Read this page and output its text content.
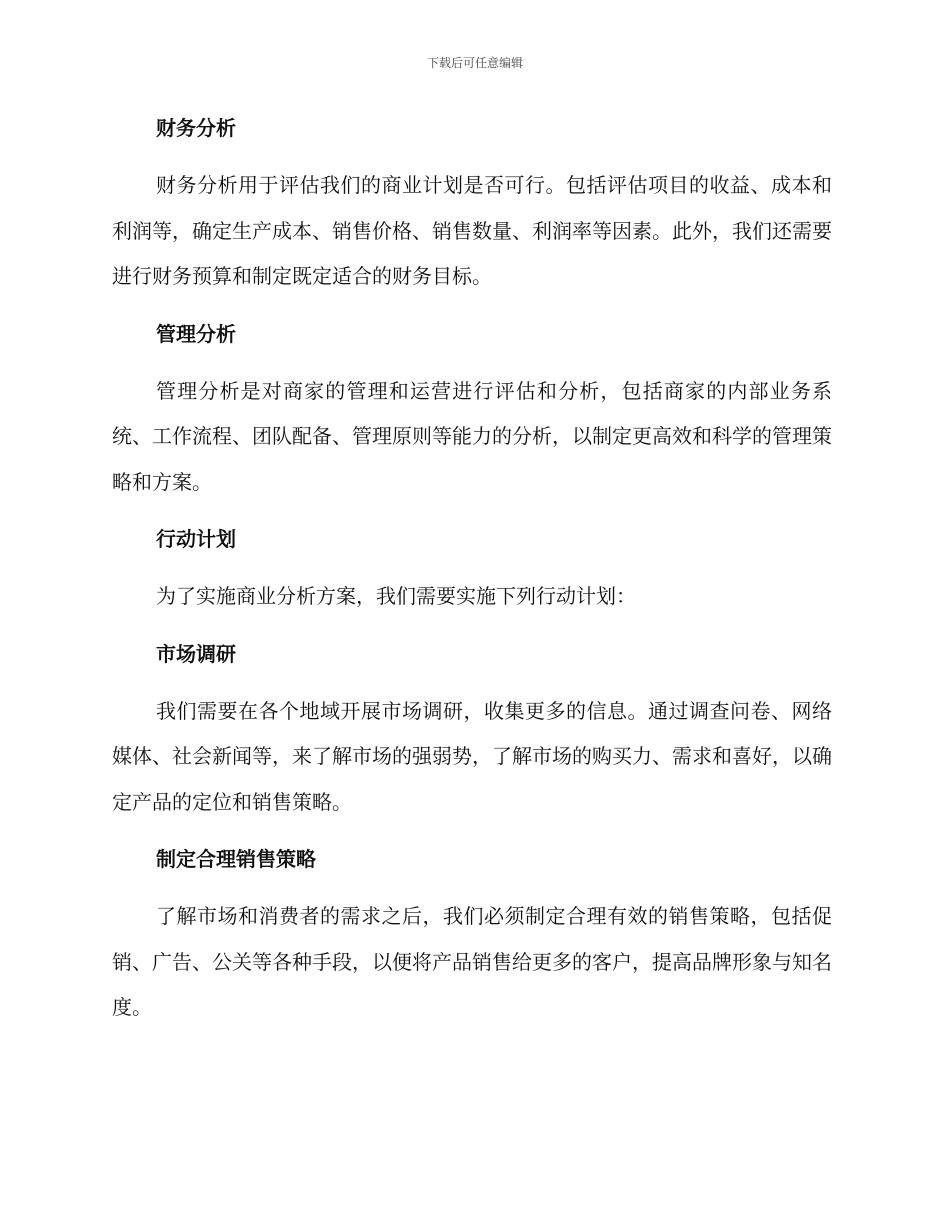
下载后可任意编辑
财务分析
财务分析用于评估我们的商业计划是否可行。包括评估项目的收益、成本和利润等，确定生产成本、销售价格、销售数量、利润率等因素。此外，我们还需要进行财务预算和制定既定适合的财务目标。
管理分析
管理分析是对商家的管理和运营进行评估和分析，包括商家的内部业务系统、工作流程、团队配备、管理原则等能力的分析，以制定更高效和科学的管理策略和方案。
行动计划
为了实施商业分析方案，我们需要实施下列行动计划：
市场调研
我们需要在各个地域开展市场调研，收集更多的信息。通过调查问卷、网络媒体、社会新闻等，来了解市场的强弱势，了解市场的购买力、需求和喜好，以确定产品的定位和销售策略。
制定合理销售策略
了解市场和消费者的需求之后，我们必须制定合理有效的销售策略，包括促销、广告、公关等各种手段，以便将产品销售给更多的客户，提高品牌形象与知名度。
